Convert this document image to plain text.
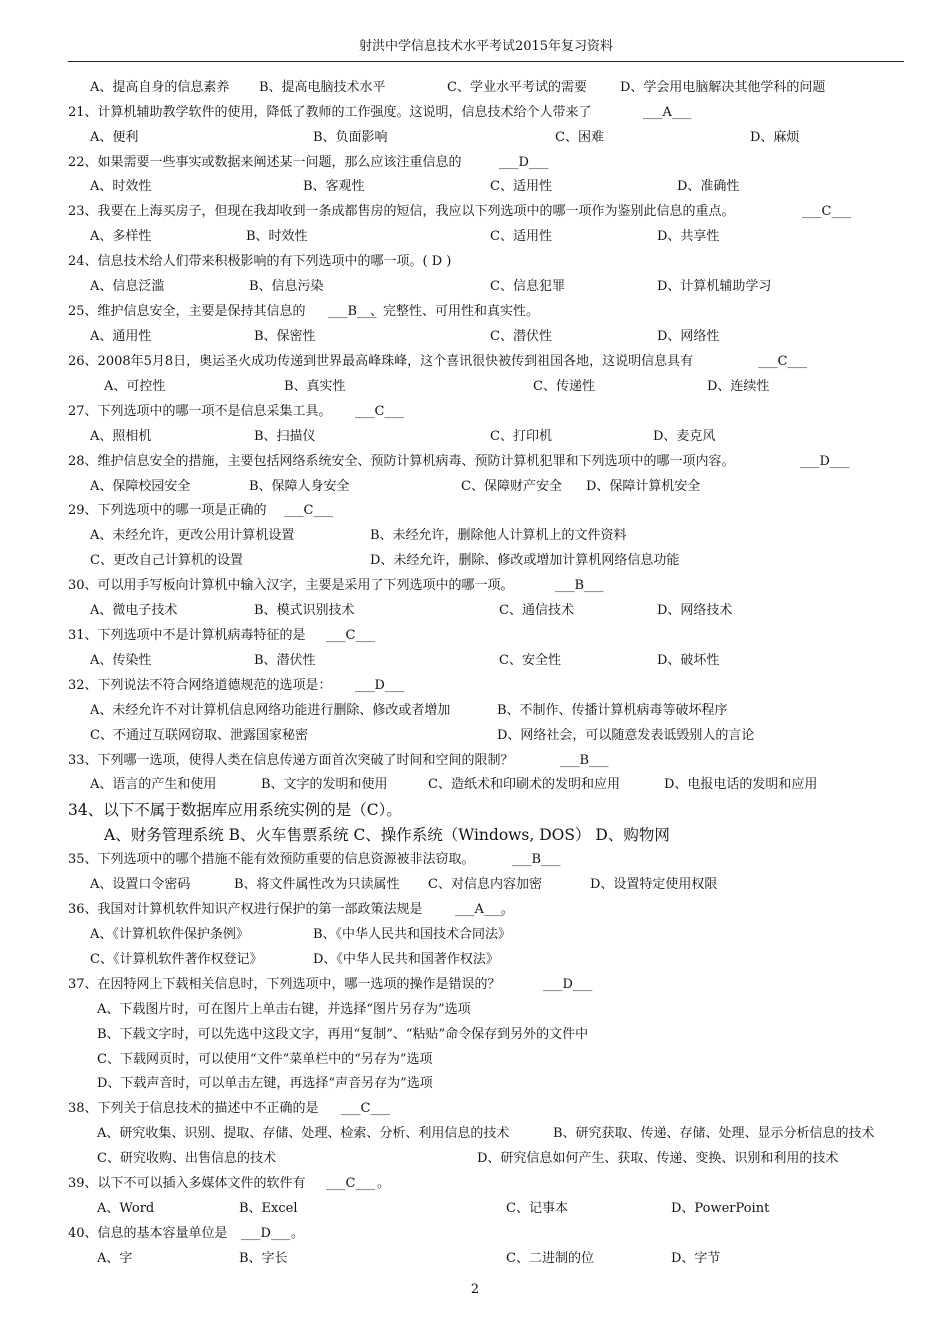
射洪中学信息技术水平考试2015年复习资料
A、提高自身的信息素养 B、提高电脑技术水平	C、学业水平考试的需要	D、学会用电脑解决其他学科的问题
21、计算机辅助教学软件的使用，降低了教师的工作强度。这说明，信息技术给个人带来了	___A___
A、便利	B、负面影响	C、困难	D、麻烦
22、如果需要一些事实或数据来阐述某一问题，那么应该注重信息的	___D___
A、时效性	B、客观性	C、适用性	D、准确性
23、我要在上海买房子，但现在我却收到一条成都售房的短信，我应以下列选项中的哪一项作为鉴别此信息的重点。	___C___
A、多样性	B、时效性	C、适用性	D、共享性
24、信息技术给人们带来积极影响的有下列选项中的哪一项。( D )
A、信息泛滥	B、信息污染	C、信息犯罪	D、计算机辅助学习
25、维护信息安全，主要是保持其信息的	、完整性、可用性和真实性。
___B___
A、通用性	B、保密性	C、潜伏性	D、网络性
26、2008年5月8日，奥运圣火成功传递到世界最高峰珠峰，这个喜讯很快被传到祖国各地，这说明信息具有	___C___
A、可控性	B、真实性	C、传递性	D、连续性
27、下列选项中的哪一项不是信息采集工具。 ___C___
A、照相机	B、扫描仪	C、打印机	D、麦克风
28、维护信息安全的措施，主要包括网络系统安全、预防计算机病毒、预防计算机犯罪和下列选项中的哪一项内容。	___D___
A、保障校园安全	B、保障人身安全	C、保障财产安全 D、保障计算机安全
29、下列选项中的哪一项是正确的 ___C___
A、未经允许，更改公用计算机设置	B、未经允许，删除他人计算机上的文件资料
C、更改自己计算机的设置	D、未经允许，删除、修改或增加计算机网络信息功能
30、可以用手写板向计算机中输入汉字，主要是采用了下列选项中的哪一项。	___B___
A、微电子技术	B、模式识别技术	C、通信技术	D、网络技术
31、下列选项中不是计算机病毒特征的是 ___C___
A、传染性	B、潜伏性	C、安全性	D、破坏性
32、下列说法不符合网络道德规范的选项是： ___D___
A、未经允许不对计算机信息网络功能进行删除、修改或者增加	B、不制作、传播计算机病毒等破坏程序
C、不通过互联网窃取、泄露国家秘密	D、网络社会，可以随意发表诋毁别人的言论
33、下列哪一选项，使得人类在信息传递方面首次突破了时间和空间的限制？	___B___
A、语言的产生和使用	B、文字的发明和使用	C、造纸术和印刷术的发明和应用	D、电报电话的发明和应用
34、以下不属于数据库应用系统实例的是（C）。
A、财务管理系统 B、火车售票系统 C、操作系统（Windows, DOS） D、购物网
35、下列选项中的哪个措施不能有效预防重要的信息资源被非法窃取。	___B___
A、设置口令密码	B、将文件属性改为只读属性 C、对信息内容加密	D、设置特定使用权限
36、我国对计算机软件知识产权进行保护的第一部政策法规是	。
___A___
A、《计算机软件保护条例》	B、《中华人民共和国技术合同法》
C、《计算机软件著作权登记》	D、《中华人民共和国著作权法》
37、在因特网上下载相关信息时，下列选项中，哪一选项的操作是错误的？	___D___
A、下载图片时，可在图片上单击右键，并选择“图片另存为”选项
B、下载文字时，可以先选中这段文字，再用“复制”、“粘贴”命令保存到另外的文件中
C、下载网页时，可以使用“文件”菜单栏中的“另存为”选项
D、下载声音时，可以单击左键，再选择“声音另存为”选项
38、下列关于信息技术的描述中不正确的是 ___C___
A、研究收集、识别、提取、存储、处理、检索、分析、利用信息的技术	B、研究获取、传递、存储、处理、显示分析信息的技术
C、研究收购、出售信息的技术	D、研究信息如何产生、获取、传递、变换、识别和利用的技术
39、以下不可以插入多媒体文件的软件有	。
___C___
A、Word	B、Excel	C、记事本	D、PowerPoint
40、信息的基本容量单位是	。
___D___
A、字	B、字长	C、二进制的位	D、字节
2
